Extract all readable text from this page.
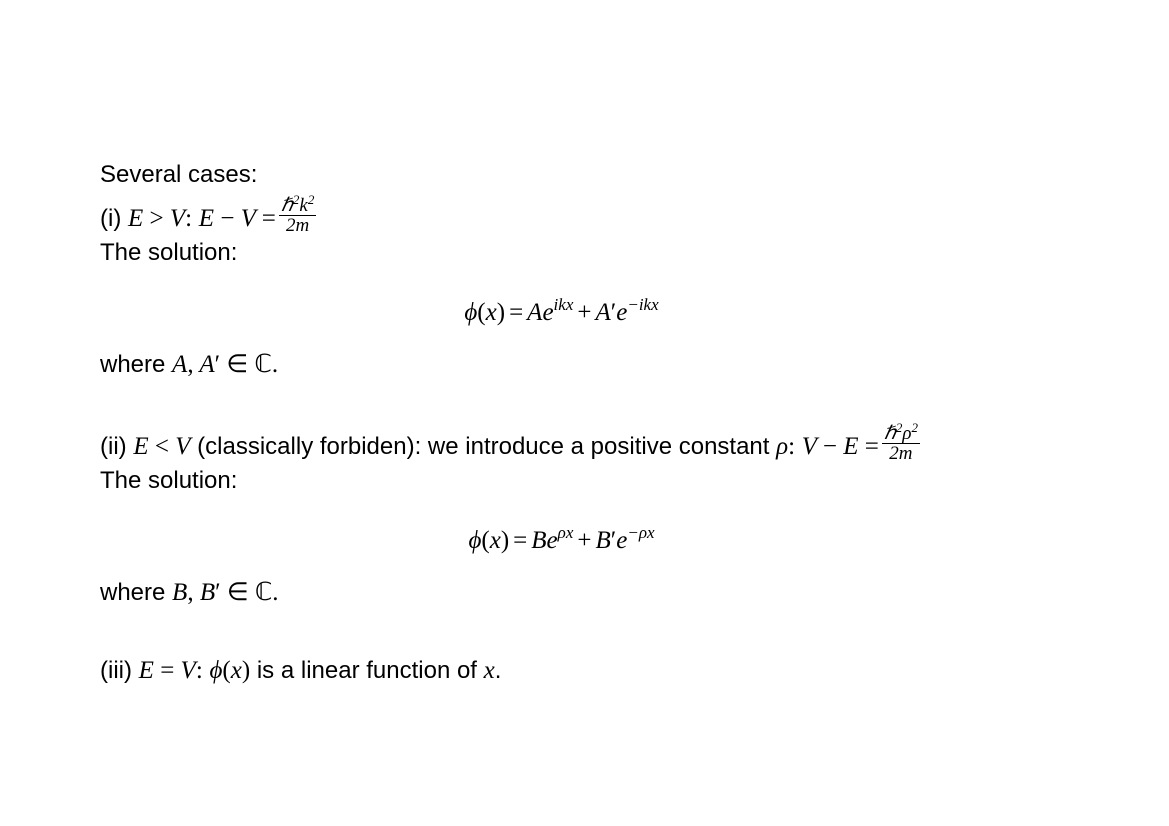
Several cases:
(i) E > V: $E - V = \frac{\hbar^2k^2}{2m}$
The solution:
$\phi(x) = Ae^{ikx} + A'e^{-ikx}$
where A, A′ ∈ ℂ.
(ii) E < V (classically forbiden): we introduce a positive constant ρ: $V - E = \frac{\hbar^2\rho^2}{2m}$
The solution:
$\phi(x) = Be^{\rho x} + B'e^{-\rho x}$
where B, B′ ∈ ℂ.
(iii) E = V: ϕ(x) is a linear function of x.
